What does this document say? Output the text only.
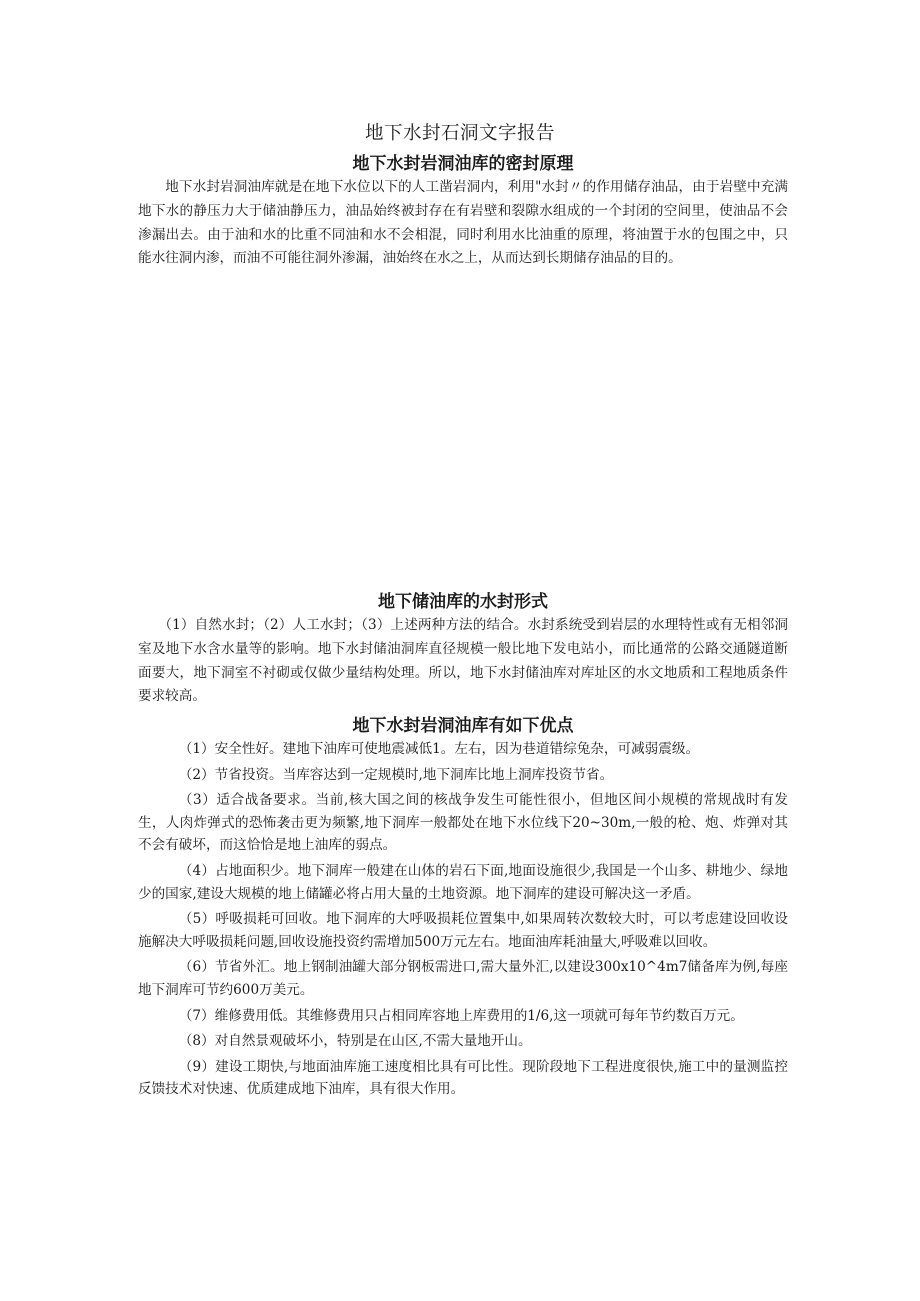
地下水封石洞文字报告
地下水封岩洞油库的密封原理

地下水封岩洞油库就是在地下水位以下的人工凿岩洞内，利用"水封〃的作用储存油品，由于岩壁中充满地下水的静压力大于储油静压力，油品始终被封存在有岩壁和裂隙水组成的一个封闭的空间里，使油品不会渗漏出去。由于油和水的比重不同油和水不会相混，同时利用水比油重的原理，将油置于水的包围之中，只能水往洞内渗，而油不可能往洞外渗漏，油始终在水之上，从而达到长期储存油品的目的。

地下储油库的水封形式

（1）自然水封；（2）人工水封；（3）上述两种方法的结合。水封系统受到岩层的水理特性或有无相邻洞室及地下水含水量等的影响。地下水封储油洞库直径规模一般比地下发电站小，而比通常的公路交通隧道断面要大，地下洞室不衬砌或仅做少量结构处理。所以，地下水封储油库对库址区的水文地质和工程地质条件要求较高。

地下水封岩洞油库有如下优点

（1）安全性好。建地下油库可使地震减低1。左右，因为巷道错综兔杂，可减弱震级。

（2）节省投资。当库容达到一定规模时,地下洞库比地上洞库投资节省。

（3）适合战备要求。当前,核大国之间的核战争发生可能性很小，但地区间小规模的常规战时有发生，人肉炸弹式的恐怖袭击更为频繁,地下洞库一般都处在地下水位线下20~30m,一般的枪、炮、炸弹对其不会有破坏，而这恰恰是地上油库的弱点。

（4）占地面积少。地下洞库一般建在山体的岩石下面,地面设施很少,我国是一个山多、耕地少、绿地少的国家,建设大规模的地上储罐必将占用大量的土地资源。地下洞库的建设可解决这一矛盾。

（5）呼吸损耗可回收。地下洞库的大呼吸损耗位置集中,如果周转次数较大时，可以考虑建设回收设施解决大呼吸损耗问题,回收设施投资约需增加500万元左右。地面油库耗油量大,呼吸难以回收。

（6）节省外汇。地上钢制油罐大部分钢板需进口,需大量外汇,以建设300x10^4m7储备库为例,每座地下洞库可节约600万美元。

（7）维修费用低。其维修费用只占相同库容地上库费用的1/6,这一项就可每年节约数百万元。

（8）对自然景观破坏小，特别是在山区,不需大量地开山。

（9）建设工期快,与地面油库施工速度相比具有可比性。现阶段地下工程进度很快,施工中的量测监控反馈技术对快速、优质建成地下油库，具有很大作用。
